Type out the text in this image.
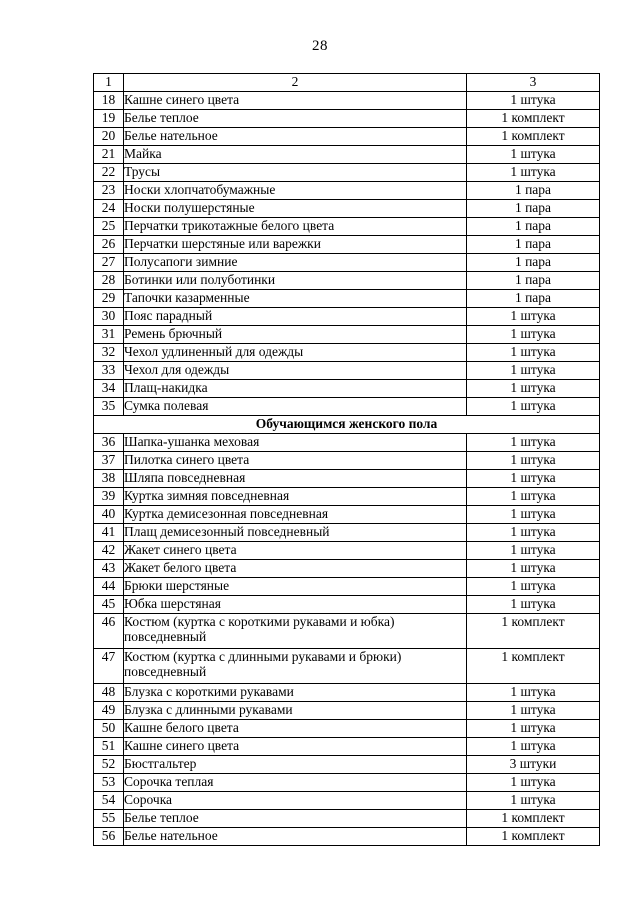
28
1	2	3
18	Кашне синего цвета	1 штука
19	Белье теплое	1 комплект
20	Белье нательное	1 комплект
21	Майка	1 штука
22	Трусы	1 штука
23	Носки хлопчатобумажные	1 пара
24	Носки полушерстяные	1 пара
25	Перчатки трикотажные белого цвета	1 пара
26	Перчатки шерстяные или варежки	1 пара
27	Полусапоги зимние	1 пара
28	Ботинки или полуботинки	1 пара
29	Тапочки казарменные	1 пара
30	Пояс парадный	1 штука
31	Ремень брючный	1 штука
32	Чехол удлиненный для одежды	1 штука
33	Чехол для одежды	1 штука
34	Плащ-накидка	1 штука
35	Сумка полевая	1 штука
Обучающимся женского пола		
36	Шапка-ушанка меховая	1 штука
37	Пилотка синего цвета	1 штука
38	Шляпа повседневная	1 штука
39	Куртка зимняя повседневная	1 штука
40	Куртка демисезонная повседневная	1 штука
41	Плащ демисезонный повседневный	1 штука
42	Жакет синего цвета	1 штука
43	Жакет белого цвета	1 штука
44	Брюки шерстяные	1 штука
45	Юбка шерстяная	1 штука
46	Костюм (куртка с короткими рукавами и юбка) повседневный	1 комплект
47	Костюм (куртка с длинными рукавами и брюки) повседневный	1 комплект
48	Блузка с короткими рукавами	1 штука
49	Блузка с длинными рукавами	1 штука
50	Кашне белого цвета	1 штука
51	Кашне синего цвета	1 штука
52	Бюстгальтер	3 штуки
53	Сорочка теплая	1 штука
54	Сорочка	1 штука
55	Белье теплое	1 комплект
56	Белье нательное	1 комплект
